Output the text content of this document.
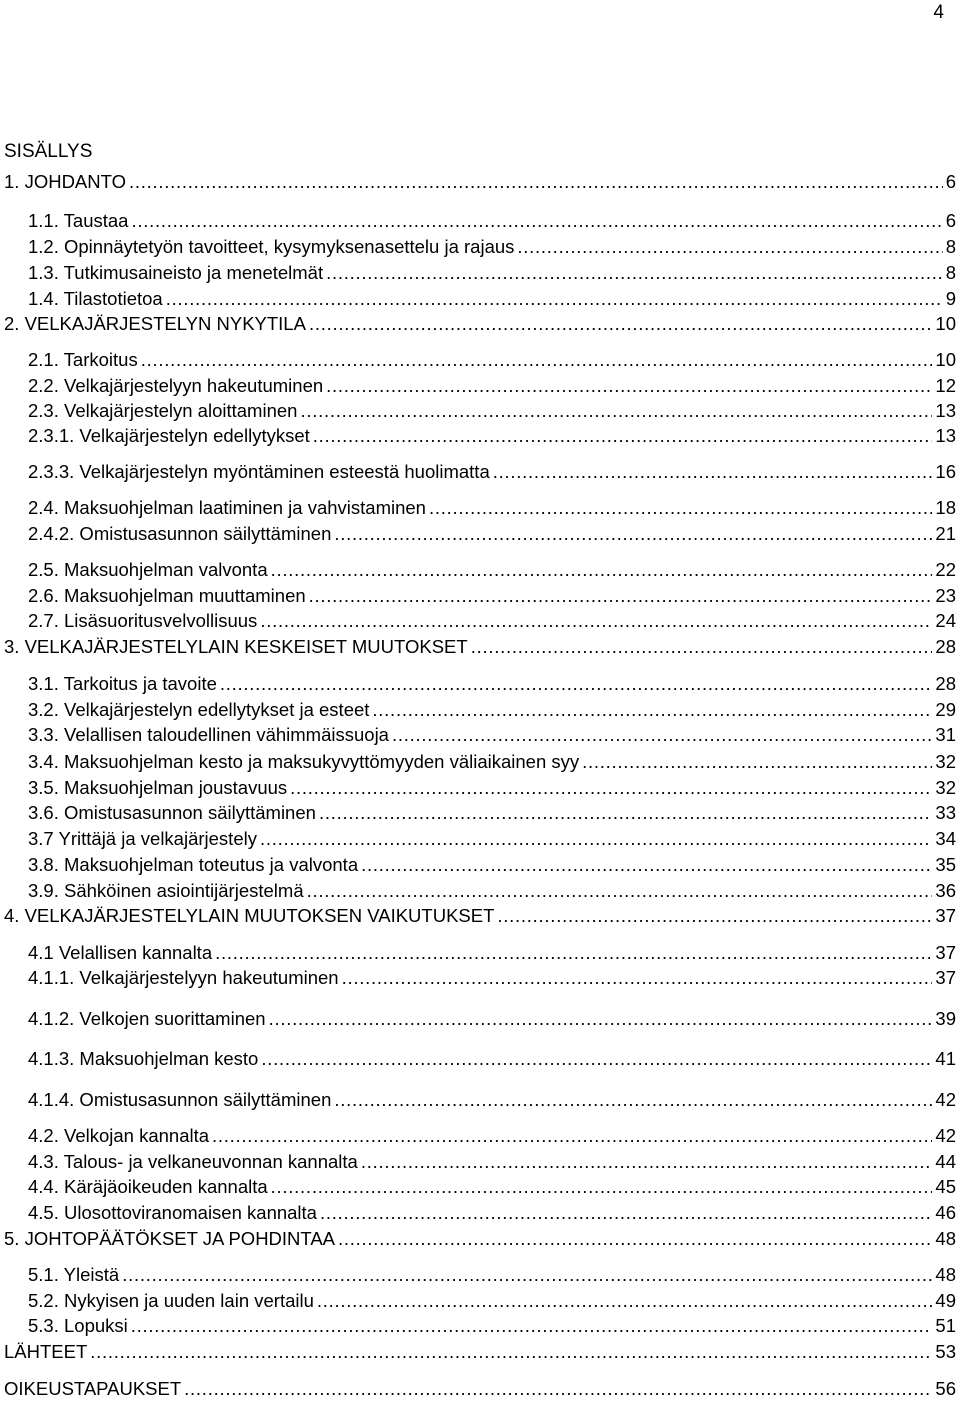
4
SISÄLLYS
1. JOHDANTO . . .	6
1.1. Taustaa . . .	6
1.2. Opinnäytetyön tavoitteet, kysymyksenasettelu ja rajaus . . .	8
1.3. Tutkimusaineisto ja menetelmät . . .	8
1.4. Tilastotietoa . . .	9
2. VELKAJÄRJESTELYN NYKYTILA . . .	10
2.1. Tarkoitus . . .	10
2.2. Velkajärjestelyyn hakeutuminen . . .	12
2.3. Velkajärjestelyn aloittaminen . . .	13
2.3.1. Velkajärjestelyn edellytykset . . .	13
2.3.3. Velkajärjestelyn myöntäminen esteestä huolimatta . . .	16
2.4. Maksuohjelman laatiminen ja vahvistaminen . . .	18
2.4.2. Omistusasunnon säilyttäminen . . .	21
2.5. Maksuohjelman valvonta . . .	22
2.6. Maksuohjelman muuttaminen . . .	23
2.7. Lisäsuoritusvelvollisuus . . .	24
3. VELKAJÄRJESTELYLAIN KESKEISET MUUTOKSET . . .	28
3.1. Tarkoitus ja tavoite . . .	28
3.2. Velkajärjestelyn edellytykset ja esteet . . .	29
3.3. Velallisen taloudellinen vähimmäissuoja . . .	31
3.4. Maksuohjelman kesto ja maksukyvyttömyyden väliaikainen syy . . .	32
3.5. Maksuohjelman joustavuus . . .	32
3.6. Omistusasunnon säilyttäminen . . .	33
3.7 Yrittäjä ja velkajärjestely . . .	34
3.8. Maksuohjelman toteutus ja valvonta . . .	35
3.9. Sähköinen asiointijärjestelmä . . .	36
4. VELKAJÄRJESTELYLAIN MUUTOKSEN VAIKUTUKSET . . .	37
4.1 Velallisen kannalta . . .	37
4.1.1. Velkajärjestelyyn hakeutuminen . . .	37
4.1.2. Velkojen suorittaminen . . .	39
4.1.3. Maksuohjelman kesto . . .	41
4.1.4. Omistusasunnon säilyttäminen . . .	42
4.2. Velkojan kannalta . . .	42
4.3. Talous- ja velkaneuvonnan kannalta . . .	44
4.4. Käräjäoikeuden kannalta . . .	45
4.5. Ulosottoviranomaisen kannalta . . .	46
5. JOHTOPÄÄTÖKSET JA POHDINTAA . . .	48
5.1. Yleistä . . .	48
5.2. Nykyisen ja uuden lain vertailu . . .	49
5.3. Lopuksi . . .	51
LÄHTEET . . .	53
OIKEUSTAPAUKSET . . .	56
